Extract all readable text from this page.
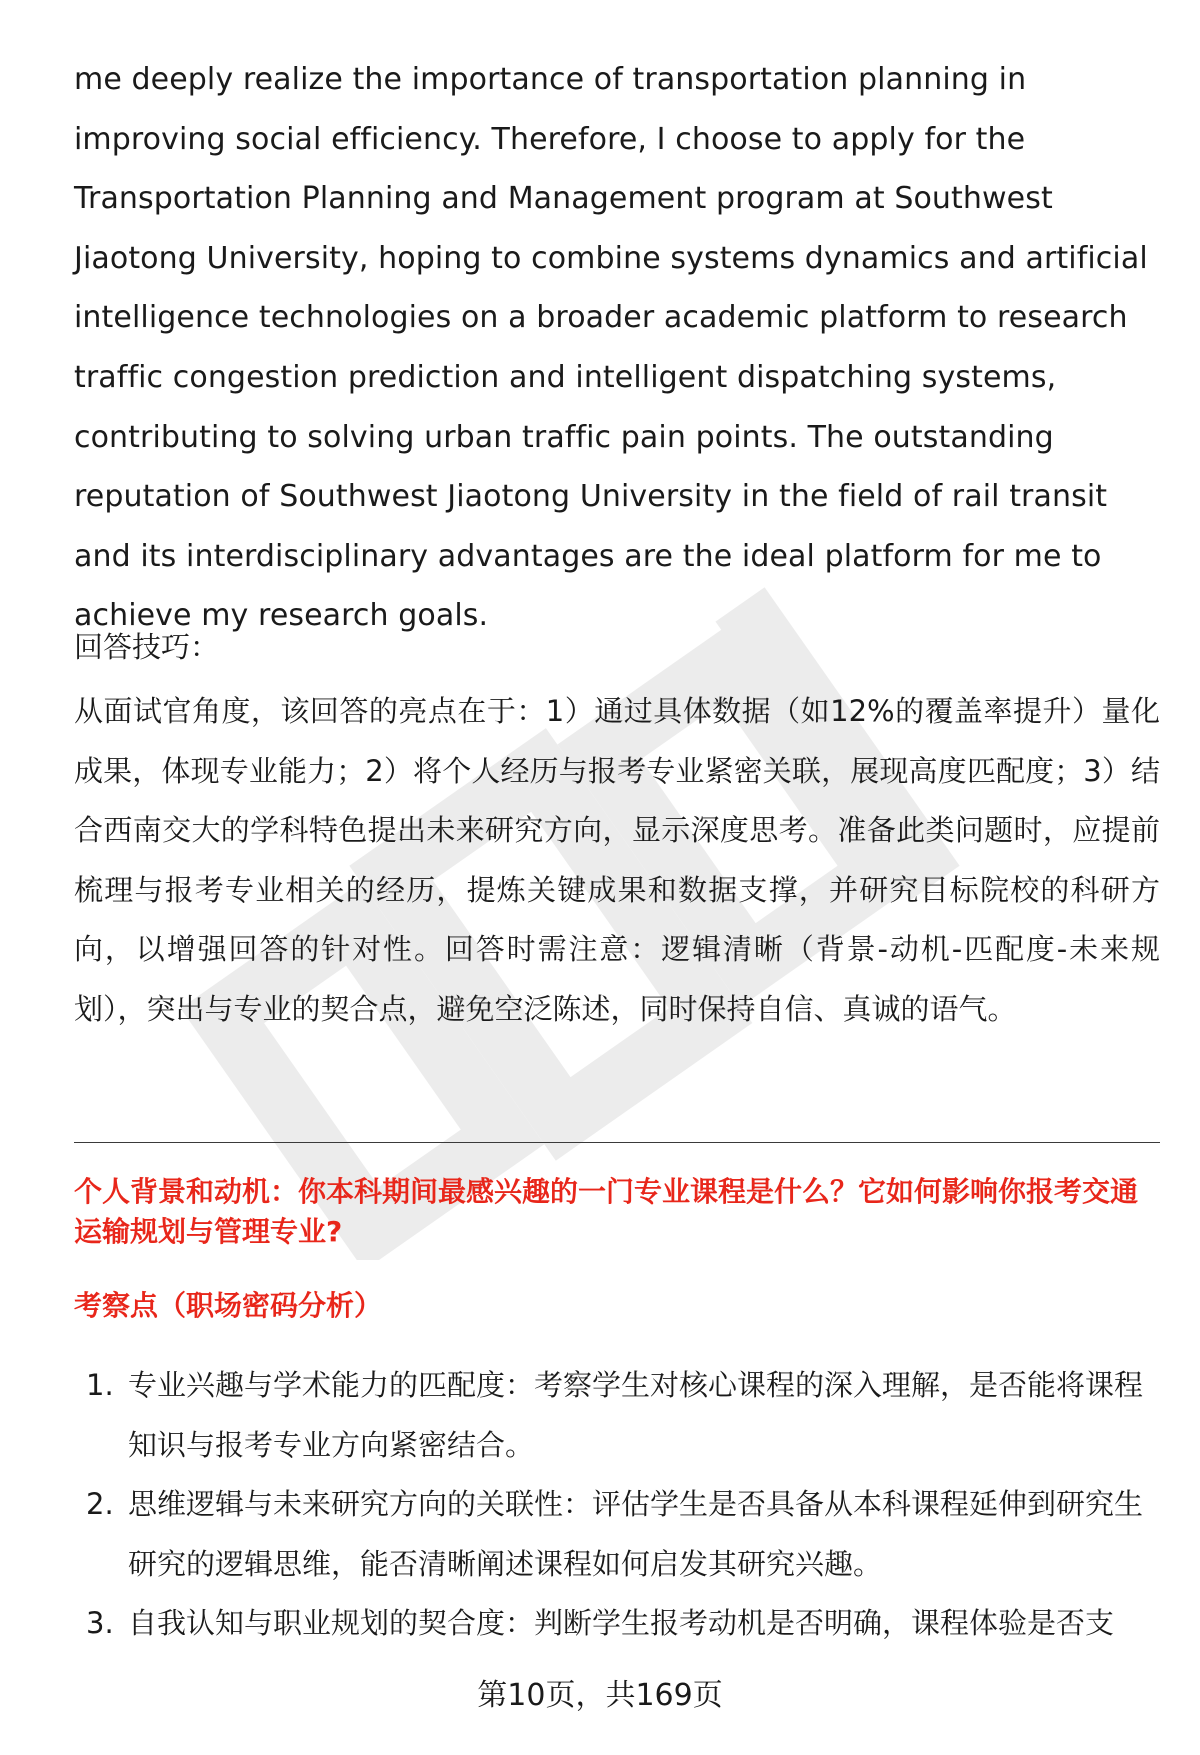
me deeply realize the importance of transportation planning in improving social efficiency. Therefore, I choose to apply for the Transportation Planning and Management program at Southwest Jiaotong University, hoping to combine systems dynamics and artificial intelligence technologies on a broader academic platform to research traffic congestion prediction and intelligent dispatching systems, contributing to solving urban traffic pain points. The outstanding reputation of Southwest Jiaotong University in the field of rail transit and its interdisciplinary advantages are the ideal platform for me to achieve my research goals.

回答技巧：

从面试官角度，该回答的亮点在于：1）通过具体数据（如12%的覆盖率提升）量化成果，体现专业能力；2）将个人经历与报考专业紧密关联，展现高度匹配度；3）结合西南交大的学科特色提出未来研究方向，显示深度思考。准备此类问题时，应提前梳理与报考专业相关的经历，提炼关键成果和数据支撑，并研究目标院校的科研方向，以增强回答的针对性。回答时需注意：逻辑清晰（背景-动机-匹配度-未来规划），突出与专业的契合点，避免空泛陈述，同时保持自信、真诚的语气。

个人背景和动机：你本科期间最感兴趣的一门专业课程是什么？它如何影响你报考交通运输规划与管理专业?
考察点（职场密码分析）
1. 专业兴趣与学术能力的匹配度：考察学生对核心课程的深入理解，是否能将课程知识与报考专业方向紧密结合。
2. 思维逻辑与未来研究方向的关联性：评估学生是否具备从本科课程延伸到研究生研究的逻辑思维，能否清晰阐述课程如何启发其研究兴趣。
3. 自我认知与职业规划的契合度：判断学生报考动机是否明确，课程体验是否支
第10页，共169页
